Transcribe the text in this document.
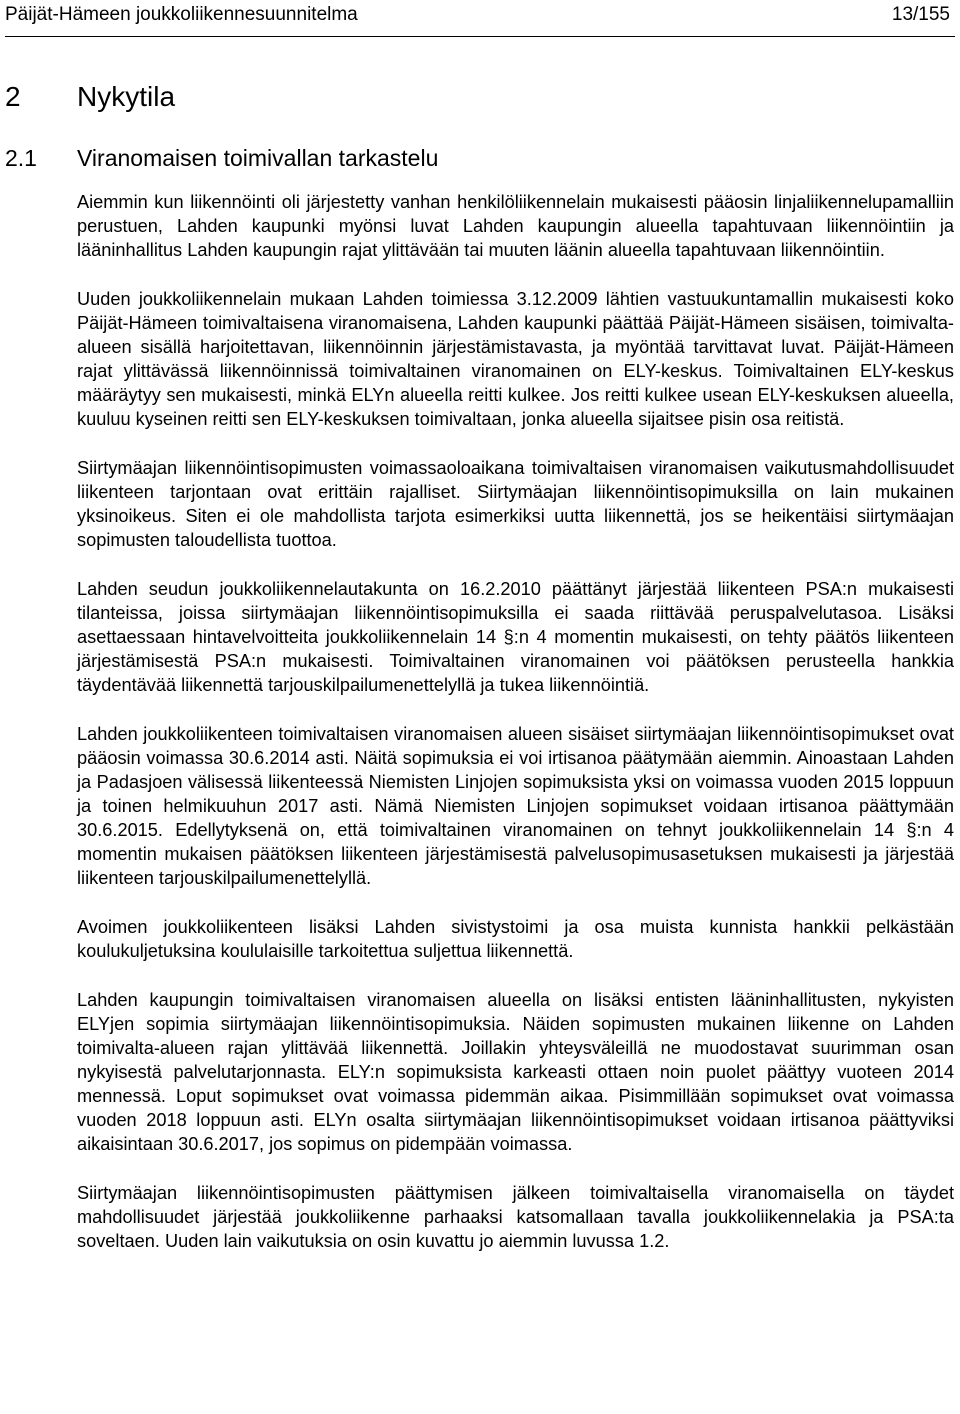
Päijät-Hämeen joukkoliikennesuunnitelma	13/155
2 Nykytila
2.1 Viranomaisen toimivallan tarkastelu

Aiemmin kun liikennöinti oli järjestetty vanhan henkilöliikennelain mukaisesti pääosin linjaliikennelupamalliin perustuen, Lahden kaupunki myönsi luvat Lahden kaupungin alueella tapahtuvaan liikennöintiin ja lääninhallitus Lahden kaupungin rajat ylittävään tai muuten läänin alueella tapahtuvaan liikennöintiin.

Uuden joukkoliikennelain mukaan Lahden toimiessa 3.12.2009 lähtien vastuukuntamallin mukaisesti koko Päijät-Hämeen toimivaltaisena viranomaisena, Lahden kaupunki päättää Päijät-Hämeen sisäisen, toimivalta-alueen sisällä harjoitettavan, liikennöinnin järjestämistavasta, ja myöntää tarvittavat luvat. Päijät-Hämeen rajat ylittävässä liikennöinnissä toimivaltainen viranomainen on ELY-keskus. Toimivaltainen ELY-keskus määräytyy sen mukaisesti, minkä ELYn alueella reitti kulkee. Jos reitti kulkee usean ELY-keskuksen alueella, kuuluu kyseinen reitti sen ELY-keskuksen toimivaltaan, jonka alueella sijaitsee pisin osa reitistä.

Siirtymäajan liikennöintisopimusten voimassaoloaikana toimivaltaisen viranomaisen vaikutusmahdollisuudet liikenteen tarjontaan ovat erittäin rajalliset. Siirtymäajan liikennöintisopimuksilla on lain mukainen yksinoikeus. Siten ei ole mahdollista tarjota esimerkiksi uutta liikennettä, jos se heikentäisi siirtymäajan sopimusten taloudellista tuottoa.

Lahden seudun joukkoliikennelautakunta on 16.2.2010 päättänyt järjestää liikenteen PSA:n mukaisesti tilanteissa, joissa siirtymäajan liikennöintisopimuksilla ei saada riittävää peruspalvelutasoa. Lisäksi asettaessaan hintavelvoitteita joukkoliikennelain 14 §:n 4 momentin mukaisesti, on tehty päätös liikenteen järjestämisestä PSA:n mukaisesti. Toimivaltainen viranomainen voi päätöksen perusteella hankkia täydentävää liikennettä tarjouskilpailumenettelyllä ja tukea liikennöintiä.

Lahden joukkoliikenteen toimivaltaisen viranomaisen alueen sisäiset siirtymäajan liikennöintisopimukset ovat pääosin voimassa 30.6.2014 asti. Näitä sopimuksia ei voi irtisanoa päätymään aiemmin. Ainoastaan Lahden ja Padasjoen välisessä liikenteessä Niemisten Linjojen sopimuksista yksi on voimassa vuoden 2015 loppuun ja toinen helmikuuhun 2017 asti. Nämä Niemisten Linjojen sopimukset voidaan irtisanoa päättymään 30.6.2015. Edellytyksenä on, että toimivaltainen viranomainen on tehnyt joukkoliikennelain 14 §:n 4 momentin mukaisen päätöksen liikenteen järjestämisestä palvelusopimusasetuksen mukaisesti ja järjestää liikenteen tarjouskilpailumenettelyllä.

Avoimen joukkoliikenteen lisäksi Lahden sivistystoimi ja osa muista kunnista hankkii pelkästään koulukuljetuksina koululaisille tarkoitettua suljettua liikennettä.

Lahden kaupungin toimivaltaisen viranomaisen alueella on lisäksi entisten lääninhallitusten, nykyisten ELYjen sopimia siirtymäajan liikennöintisopimuksia. Näiden sopimusten mukainen liikenne on Lahden toimivalta-alueen rajan ylittävää liikennettä. Joillakin yhteysväleillä ne muodostavat suurimman osan nykyisestä palvelutarjonnasta. ELY:n sopimuksista karkeasti ottaen noin puolet päättyy vuoteen 2014 mennessä. Loput sopimukset ovat voimassa pidemmän aikaa. Pisimmillään sopimukset ovat voimassa vuoden 2018 loppuun asti. ELYn osalta siirtymäajan liikennöintisopimukset voidaan irtisanoa päättyviksi aikaisintaan 30.6.2017, jos sopimus on pidempään voimassa.

Siirtymäajan liikennöintisopimusten päättymisen jälkeen toimivaltaisella viranomaisella on täydet mahdollisuudet järjestää joukkoliikenne parhaaksi katsomallaan tavalla joukkoliikennelakia ja PSA:ta soveltaen. Uuden lain vaikutuksia on osin kuvattu jo aiemmin luvussa 1.2.
